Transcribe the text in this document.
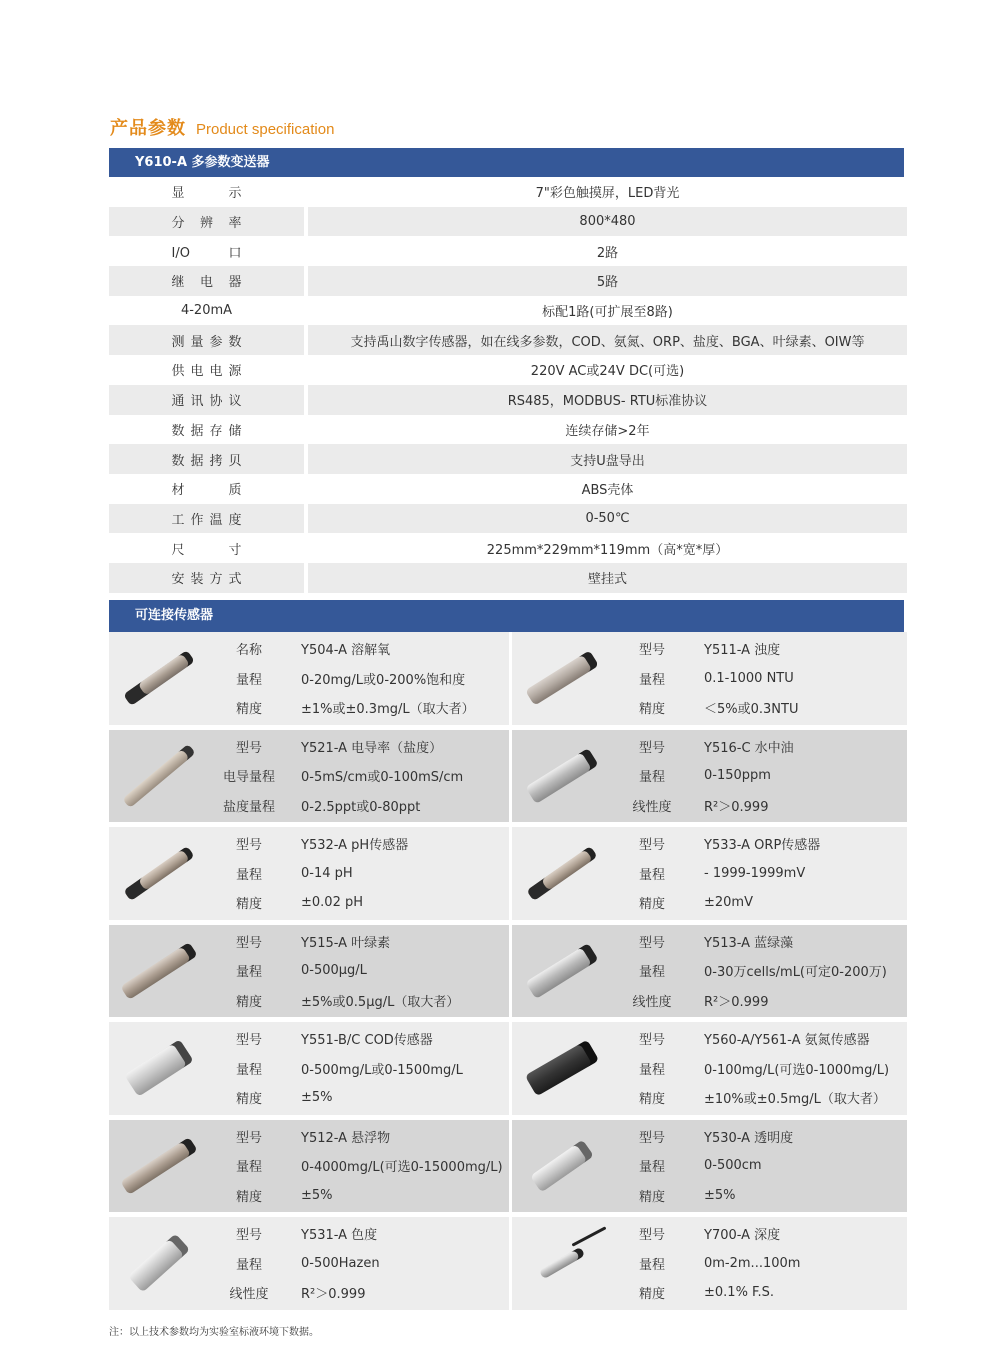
产品参数 Product specification
Y610-A 多参数变送器
显示	7"彩色触摸屏，LED背光
分辨率	800*480
I/O口	2路
继电器	5路
4-20mA	标配1路(可扩展至8路)
测量参数	支持禹山数字传感器，如在线多参数，COD、氨氮、ORP、盐度、BGA、叶绿素、OIW等
供电电源	220V AC或24V DC(可选)
通讯协议	RS485，MODBUS- RTU标准协议
数据存储	连续存储>2年
数据拷贝	支持U盘导出
材质	ABS壳体
工作温度	0-50℃
尺寸	225mm*229mm*119mm（高*宽*厚）
安装方式	壁挂式
可连接传感器
名称	Y504-A 溶解氧
量程	0-20mg/L或0-200%饱和度
精度	±1%或±0.3mg/L（取大者）
型号	Y511-A 浊度
量程	0.1-1000 NTU
精度	＜5%或0.3NTU
型号	Y521-A 电导率（盐度）
电导量程	0-5mS/cm或0-100mS/cm
盐度量程	0-2.5ppt或0-80ppt
型号	Y516-C 水中油
量程	0-150ppm
线性度	R²＞0.999
型号	Y532-A pH传感器
量程	0-14 pH
精度	±0.02 pH
型号	Y533-A ORP传感器
量程	- 1999-1999mV
精度	±20mV
型号	Y515-A 叶绿素
量程	0-500μg/L
精度	±5%或0.5μg/L（取大者）
型号	Y513-A 蓝绿藻
量程	0-30万cells/mL(可定0-200万)
线性度	R²＞0.999
型号	Y551-B/C COD传感器
量程	0-500mg/L或0-1500mg/L
精度	±5%
型号	Y560-A/Y561-A 氨氮传感器
量程	0-100mg/L(可选0-1000mg/L)
精度	±10%或±0.5mg/L（取大者）
型号	Y512-A 悬浮物
量程	0-4000mg/L(可选0-15000mg/L)
精度	±5%
型号	Y530-A 透明度
量程	0-500cm
精度	±5%
型号	Y531-A 色度
量程	0-500Hazen
线性度	R²＞0.999
型号	Y700-A 深度
量程	0m-2m...100m
精度	±0.1% F.S.
注：以上技术参数均为实验室标液环境下数据。
